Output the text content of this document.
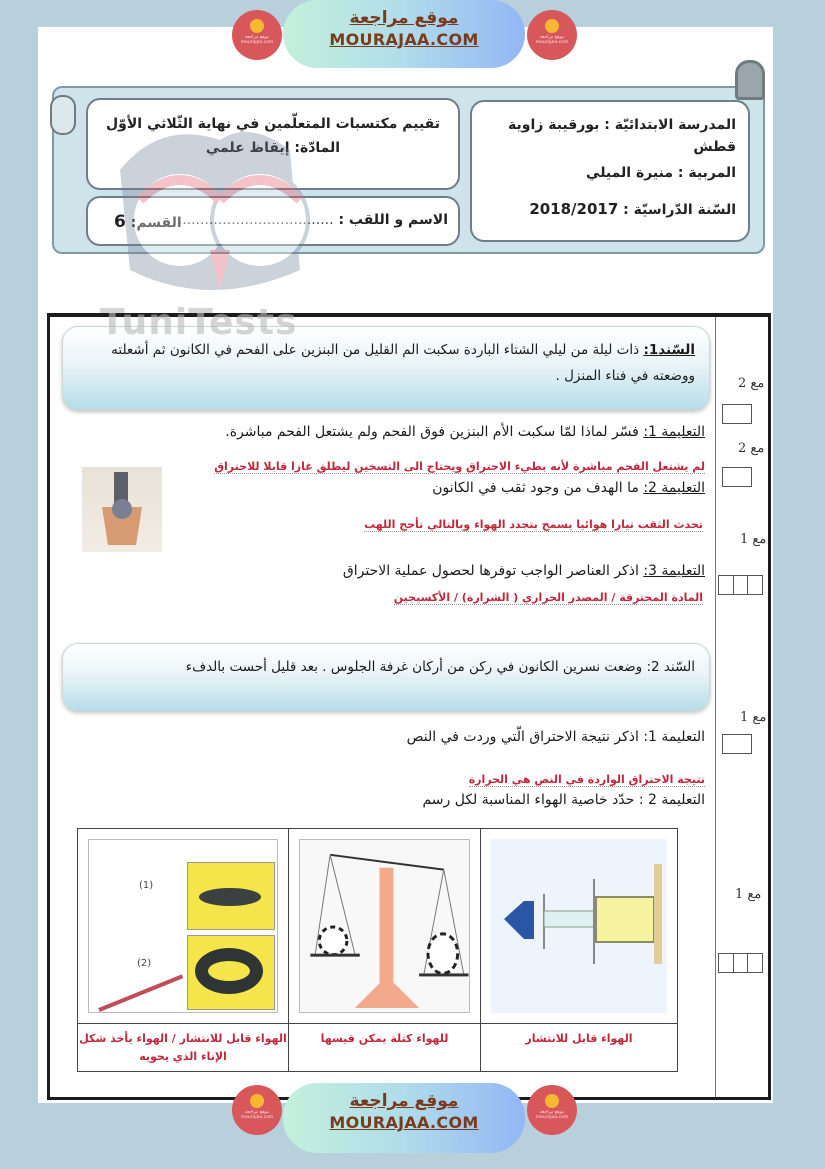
موقع مراجعة mourajaa.com
موقع مراجعة
MOURAJAA.COM	موقع مراجعة mourajaa.com
المدرسة الابتدائيّة : بورقيبة زاوية قطش
المربية : منيرة الميلي
السّنة الدّراسيّة : 2018/2017
تقييم مكتسبات المتعلّمين في نهاية الثّلاثي الأوّل
المادّة: إيقاظ علمي
الاسم و اللقب : ...................................
القسم: 6
TuniTests
السّند1: ذات ليلة من ليلي الشتاء الباردة سكبت الم القليل من البنزين على الفحم في الكانون ثم أشعلته ووضعته في فناء المنزل .
التعليمة 1: فسّر لماذا لمّا سكبت الأم البنزين فوق الفحم ولم يشتعل الفحم مباشرة.
لم يشتعل الفحم مباشرة لأنه بطيء الاحتراق ويحتاج الى التسخين ليطلق غازا قابلا للاحتراق
التعليمة 2: ما الهدف من وجود ثقب في الكانون
تحدث الثقب تيارا هوائيا يسمح بتجدد الهواء وبالتالي تأجج اللهب
التعليمة 3: اذكر العناصر الواجب توفرها لحصول عملية الاحتراق
المادة المحترقة / المصدر الحراري ( الشرارة) / الأكسيجين
السّند 2: وضعت نسرين الكانون في ركن من أركان غرفة الجلوس . بعد قليل أحست بالدفء
التعليمة 1: اذكر نتيجة الاحتراق الّتي وردت في النص
نتيجة الاحتراق الواردة في النص هي الحرارة
التعليمة 2 : حدّد خاصية الهواء المناسبة لكل رسم
(1)
(2)
الهواء قابل للانتشار / الهواء يأخذ شكل الإناء الذي يحويه
للهواء كتلة يمكن قيسها	الهواء قابل للانتشار
مع 2
مع 2
مع 1
مع 1
مع 1
موقع مراجعة mourajaa.com
موقع مراجعة
MOURAJAA.COM
موقع مراجعة mourajaa.com
